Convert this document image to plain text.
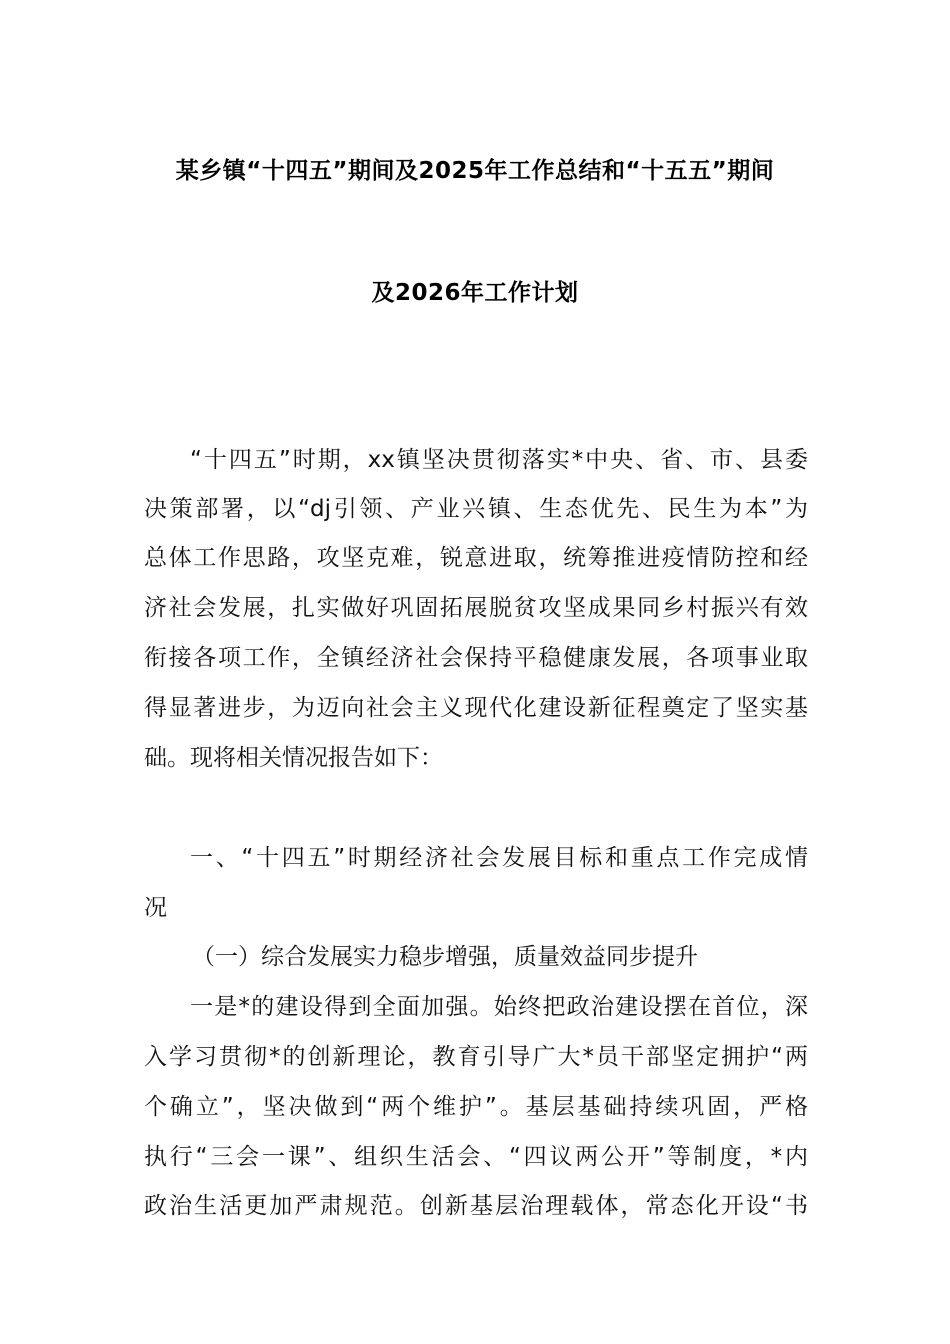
某乡镇“十四五”期间及2025年工作总结和“十五五”期间
及2026年工作计划
“十四五”时期，xx镇坚决贯彻落实*中央、省、市、县委
决策部署，以“dj引领、产业兴镇、生态优先、民生为本”为
总体工作思路，攻坚克难，锐意进取，统筹推进疫情防控和经
济社会发展，扎实做好巩固拓展脱贫攻坚成果同乡村振兴有效
衔接各项工作，全镇经济社会保持平稳健康发展，各项事业取
得显著进步，为迈向社会主义现代化建设新征程奠定了坚实基
础。现将相关情况报告如下：
一、“十四五”时期经济社会发展目标和重点工作完成情
况
（一）综合发展实力稳步增强，质量效益同步提升
一是*的建设得到全面加强。始终把政治建设摆在首位，深
入学习贯彻*的创新理论，教育引导广大*员干部坚定拥护“两
个确立”，坚决做到“两个维护”。基层基础持续巩固，严格
执行“三会一课”、组织生活会、“四议两公开”等制度，*内
政治生活更加严肃规范。创新基层治理载体，常态化开设“书
